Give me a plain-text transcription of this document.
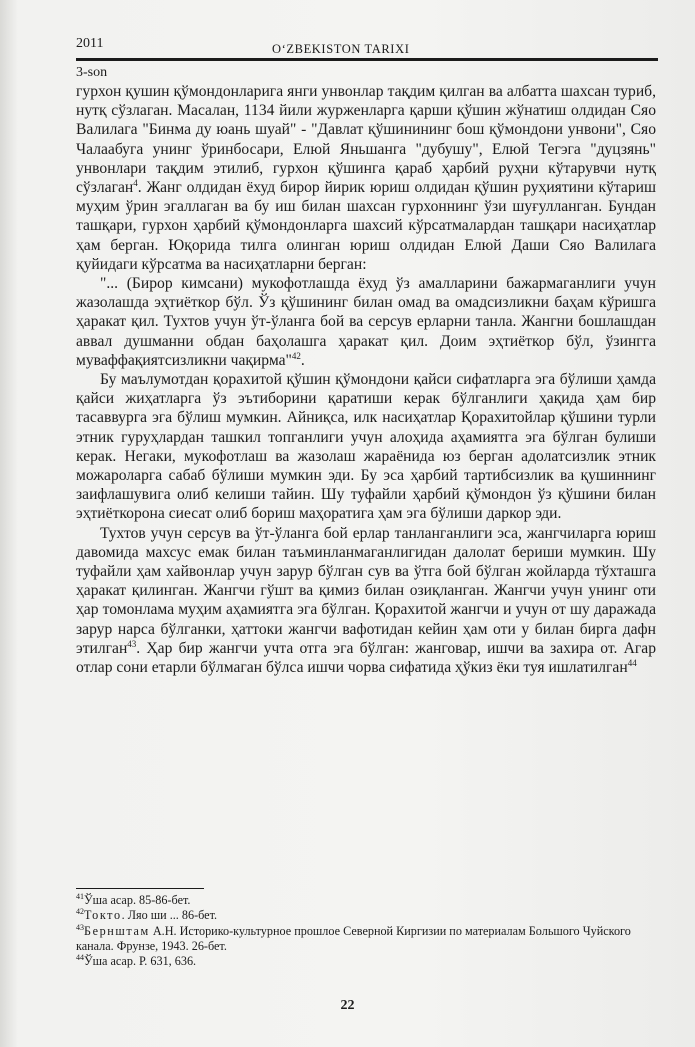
2011	O‘ZBEKISTON TARIXI
3-son

гурхон қушин қўмондонларига янги унвонлар тақдим қилган ва албатта шахсан туриб, нутқ сўзлаган. Масалан, 1134 йили журженларга қарши қўшин жўнатиш олдидан Сяо Валилага "Бинма ду юань шуай" - "Давлат қўшинининг бош қўмондони унвони", Сяо Чалаабуга унинг ўринбосари, Елюй Яньшанга "дубушу", Елюй Тегэга "дуцзянь" унвонлари тақдим этилиб, гурхон қўшинга қараб ҳарбий руҳни кўтарувчи нутқ сўзлаган$^4$. Жанг олдидан ёхуд бирор йирик юриш олдидан қўшин руҳиятини кўтариш муҳим ўрин эгаллаган ва бу иш билан шахсан гурхоннинг ўзи шуғулланган. Бундан ташқари, гурхон ҳарбий қўмондонларга шахсий кўрсатмалардан ташқари насиҳатлар ҳам берган. Юқорида тилга олинган юриш олдидан Елюй Даши Сяо Валилага қуйидаги кўрсатма ва насиҳатларни берган:

"... (Бирор кимсани) мукофотлашда ёхуд ўз амалларини бажармаганлиги учун жазолашда эҳтиёткор бўл. Ўз қўшининг билан омад ва омадсизликни баҳам кўришга ҳаракат қил. Тухтов учун ўт-ўланга бой ва серсув ерларни танла. Жангни бошлашдан аввал душманни обдан баҳолашга ҳаракат қил. Доим эҳтиёткор бўл, ўзингга муваффақиятсизликни чақирма"$^{42}$.

Бу маълумотдан қорахитой қўшин қўмондони қайси сифатларга эга бўлиши ҳамда қайси жиҳатларга ўз эътиборини қаратиши керак бўлганлиги ҳақида ҳам бир тасаввурга эга бўлиш мумкин. Айниқса, илк насиҳатлар Қорахитойлар қўшини турли этник гуруҳлардан ташкил топганлиги учун алоҳида аҳамиятга эга бўлган булиши керак. Негаки, мукофотлаш ва жазолаш жараёнида юз берган адолатсизлик этник можароларга сабаб бўлиши мумкин эди. Бу эса ҳарбий тартибсизлик ва қушиннинг заифлашувига олиб келиши тайин. Шу туфайли ҳарбий қўмондон ўз қўшини билан эҳтиёткорона сиесат олиб бориш маҳоратига ҳам эга бўлиши даркор эди.

Тухтов учун серсув ва ўт-ўланга бой ерлар танланганлиги эса, жангчиларга юриш давомида махсус емак билан таъминланмаганлигидан далолат бериши мумкин. Шу туфайли ҳам хайвонлар учун зарур бўлган сув ва ўтга бой бўлган жойларда тўхташга ҳаракат қилинган. Жангчи гўшт ва қимиз билан озиқланган. Жангчи учун унинг оти ҳар томонлама муҳим аҳамиятга эга бўлган. Қорахитой жангчи и учун от шу даражада зарур нарса бўлганки, ҳаттоки жангчи вафотидан кейин ҳам оти у билан бирга дафн этилган$^{43}$. Ҳар бир жангчи учта отга эга бўлган: жанговар, ишчи ва захира от. Агар отлар сони етарли бўлмаган бўлса ишчи чорва сифатида ҳўкиз ёки туя ишлатилган$^{44}$

$^{41}$Ўша асар. 85-86-бет.

$^{42}$Токто. Ляо ши ... 86-бет.

$^{43}$Бернштам А.Н. Историко-культурное прошлое Северной Киргизии по материалам Большого Чуйского канала. Фрунзе, 1943. 26-бет.

$^{44}$Ўша асар. Р. 631, 636.

22
